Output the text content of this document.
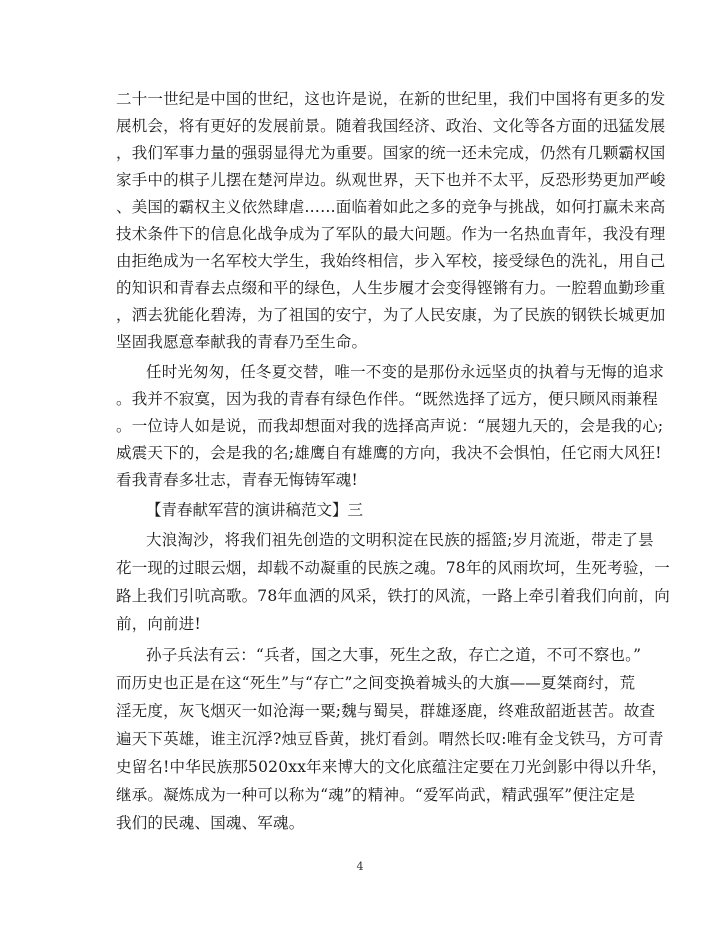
二十一世纪是中国的世纪，这也许是说，在新的世纪里，我们中国将有更多的发
展机会，将有更好的发展前景。随着我国经济、政治、文化等各方面的迅猛发展
，我们军事力量的强弱显得尤为重要。国家的统一还未完成，仍然有几颗霸权国
家手中的棋子儿摆在楚河岸边。纵观世界，天下也并不太平，反恐形势更加严峻
、美国的霸权主义依然肆虐……面临着如此之多的竞争与挑战，如何打赢未来高
技术条件下的信息化战争成为了军队的最大问题。作为一名热血青年，我没有理
由拒绝成为一名军校大学生，我始终相信，步入军校，接受绿色的洗礼，用自己
的知识和青春去点缀和平的绿色，人生步履才会变得铿锵有力。一腔碧血勤珍重
，洒去犹能化碧涛，为了祖国的安宁，为了人民安康，为了民族的钢铁长城更加
坚固我愿意奉献我的青春乃至生命。
任时光匆匆，任冬夏交替，唯一不变的是那份永远坚贞的执着与无悔的追求
。我并不寂寞，因为我的青春有绿色作伴。“既然选择了远方，便只顾风雨兼程
。一位诗人如是说，而我却想面对我的选择高声说：“展翅九天的，会是我的心;
威震天下的，会是我的名;雄鹰自有雄鹰的方向，我决不会惧怕，任它雨大风狂!
看我青春多壮志，青春无悔铸军魂!
【青春献军营的演讲稿范文】三
大浪淘沙，将我们祖先创造的文明积淀在民族的摇篮;岁月流逝，带走了昙
花一现的过眼云烟，却载不动凝重的民族之魂。78年的风雨坎坷，生死考验，一
路上我们引吭高歌。78年血洒的风采，铁打的风流，一路上牵引着我们向前，向
前，向前进!
孙子兵法有云：“兵者，国之大事，死生之敌，存亡之道，不可不察也。”
而历史也正是在这“死生”与“存亡”之间变换着城头的大旗——夏桀商纣，荒
淫无度，灰飞烟灭一如沧海一粟;魏与蜀吴，群雄逐鹿，终难敌韶逝甚苦。故查
遍天下英雄，谁主沉浮?烛豆昏黄，挑灯看剑。喟然长叹:唯有金戈铁马，方可青
史留名!中华民族那5020xx年来博大的文化底蕴注定要在刀光剑影中得以升华，
继承。凝炼成为一种可以称为“魂”的精神。“爱军尚武，精武强军”便注定是
我们的民魂、国魂、军魂。
4
